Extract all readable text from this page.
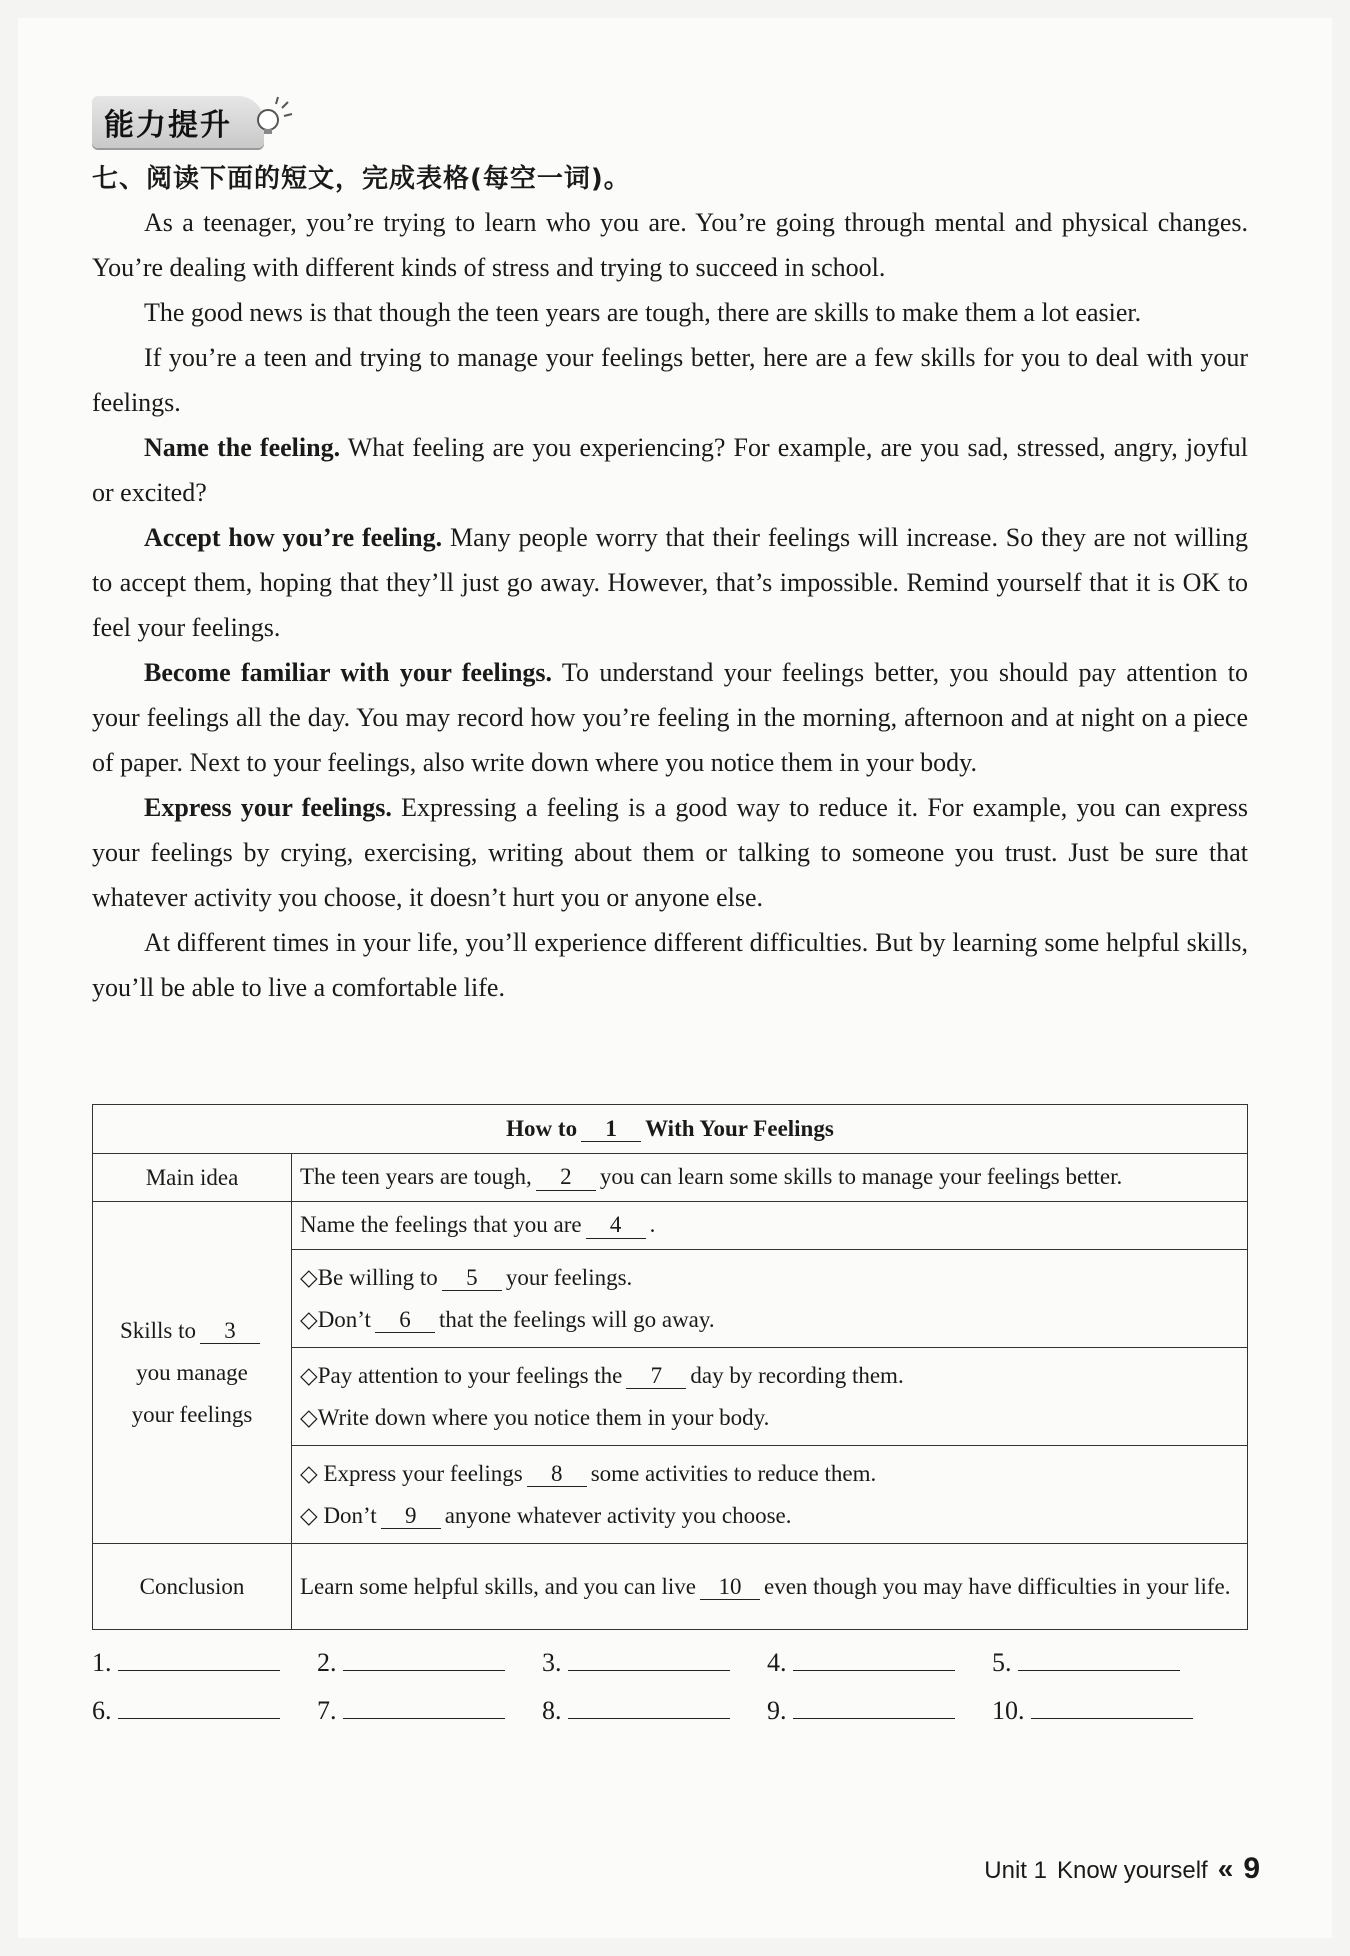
能力提升
七、阅读下面的短文，完成表格(每空一词)。

As a teenager, you’re trying to learn who you are. You’re going through mental and physical changes. You’re dealing with different kinds of stress and trying to succeed in school.

The good news is that though the teen years are tough, there are skills to make them a lot easier.

If you’re a teen and trying to manage your feelings better, here are a few skills for you to deal with your feelings.

Name the feeling. What feeling are you experiencing? For example, are you sad, stressed, angry, joyful or excited?

Accept how you’re feeling. Many people worry that their feelings will increase. So they are not willing to accept them, hoping that they’ll just go away. However, that’s impossible. Remind yourself that it is OK to feel your feelings.

Become familiar with your feelings. To understand your feelings better, you should pay attention to your feelings all the day. You may record how you’re feeling in the morning, afternoon and at night on a piece of paper. Next to your feelings, also write down where you notice them in your body.

Express your feelings. Expressing a feeling is a good way to reduce it. For example, you can express your feelings by crying, exercising, writing about them or talking to someone you trust. Just be sure that whatever activity you choose, it doesn’t hurt you or anyone else.

At different times in your life, you’ll experience different difficulties. But by learning some helpful skills, you’ll be able to live a comfortable life.

How to 1 With Your Feelings	
Main idea	The teen years are tough, 2 you can learn some skills to manage your feelings better.

Skills to 3
you manage
your feelings	Name the feelings that you are 4 .

	◇Be willing to 5 your feelings.
◇Don’t 6 that the feelings will go away.

	◇Pay attention to your feelings the 7 day by recording them.
◇Write down where you notice them in your body.

	◇ Express your feelings 8 some activities to reduce them.
◇ Don’t 9 anyone whatever activity you choose.

Conclusion	Learn some helpful skills, and you can live 10 even though you may have difficulties in your life.
1.	2.	3.	4.	5.
6.	7.	8.	9.	10.
Unit 1 Know yourself « 9
